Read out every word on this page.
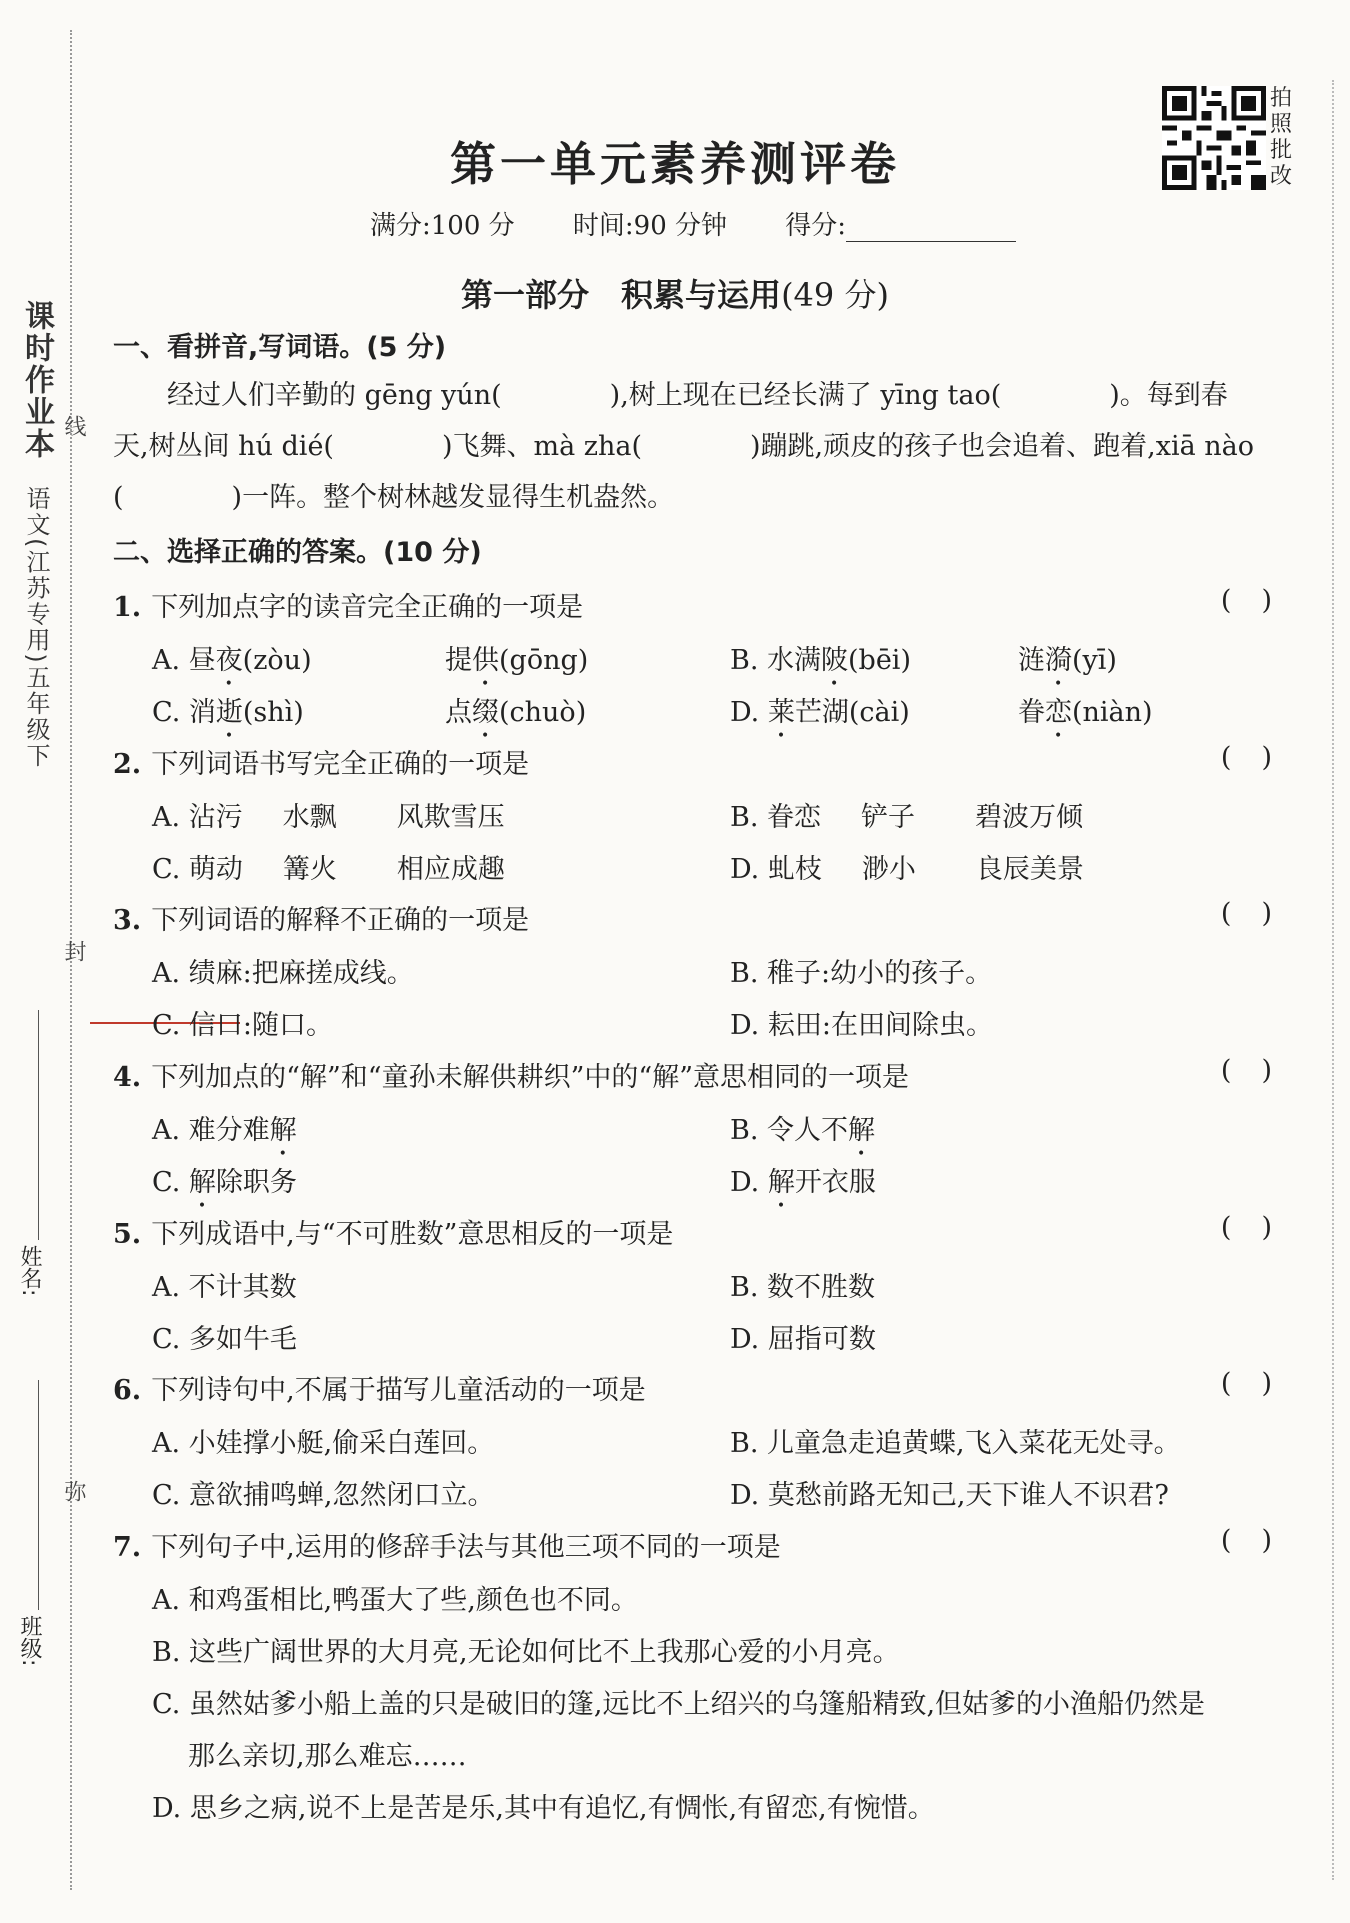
课时作业本　语文(江苏专用)五年级下
线
封
弥
姓名:
班级:
拍照批改
第一单元素养测评卷
满分:100 分 时间:90 分钟 得分:
第一部分　积累与运用(49 分)
一、看拼音,写词语。(5 分)
经过人们辛勤的 gēng yún(　　　　),树上现在已经长满了 yīng tao(　　　　)。每到春
天,树丛间 hú dié(　　　　)飞舞、mà zha(　　　　)蹦跳,顽皮的孩子也会追着、跑着,xiā nào
(　　　　)一阵。整个树林越发显得生机盎然。
二、选择正确的答案。(10 分)
1. 下列加点字的读音完全正确的一项是	()
A. 昼夜(zòu)	提供(gōng)	B. 水满陂(bēi)	涟漪(yī)
C. 消逝(shì)	点缀(chuò)	D. 莱芒湖(cài)	眷恋(niàn)
2. 下列词语书写完全正确的一项是	()
A. 沾污 水飘 风欺雪压	B. 眷恋 铲子 碧波万倾
C. 萌动 篝火 相应成趣	D. 虬枝 渺小 良辰美景
3. 下列词语的解释不正确的一项是	()
A. 绩麻:把麻搓成线。	B. 稚子:幼小的孩子。
C. 信口:随口。	D. 耘田:在田间除虫。
4. 下列加点的“解”和“童孙未解供耕织”中的“解”意思相同的一项是	()
A. 难分难解	B. 令人不解
C. 解除职务	D. 解开衣服
5. 下列成语中,与“不可胜数”意思相反的一项是	()
A. 不计其数	B. 数不胜数
C. 多如牛毛	D. 屈指可数
6. 下列诗句中,不属于描写儿童活动的一项是	()
A. 小娃撑小艇,偷采白莲回。	B. 儿童急走追黄蝶,飞入菜花无处寻。
C. 意欲捕鸣蝉,忽然闭口立。	D. 莫愁前路无知己,天下谁人不识君?
7. 下列句子中,运用的修辞手法与其他三项不同的一项是	()
A. 和鸡蛋相比,鸭蛋大了些,颜色也不同。
B. 这些广阔世界的大月亮,无论如何比不上我那心爱的小月亮。
C. 虽然姑爹小船上盖的只是破旧的篷,远比不上绍兴的乌篷船精致,但姑爹的小渔船仍然是
那么亲切,那么难忘……
D. 思乡之病,说不上是苦是乐,其中有追忆,有惆怅,有留恋,有惋惜。
